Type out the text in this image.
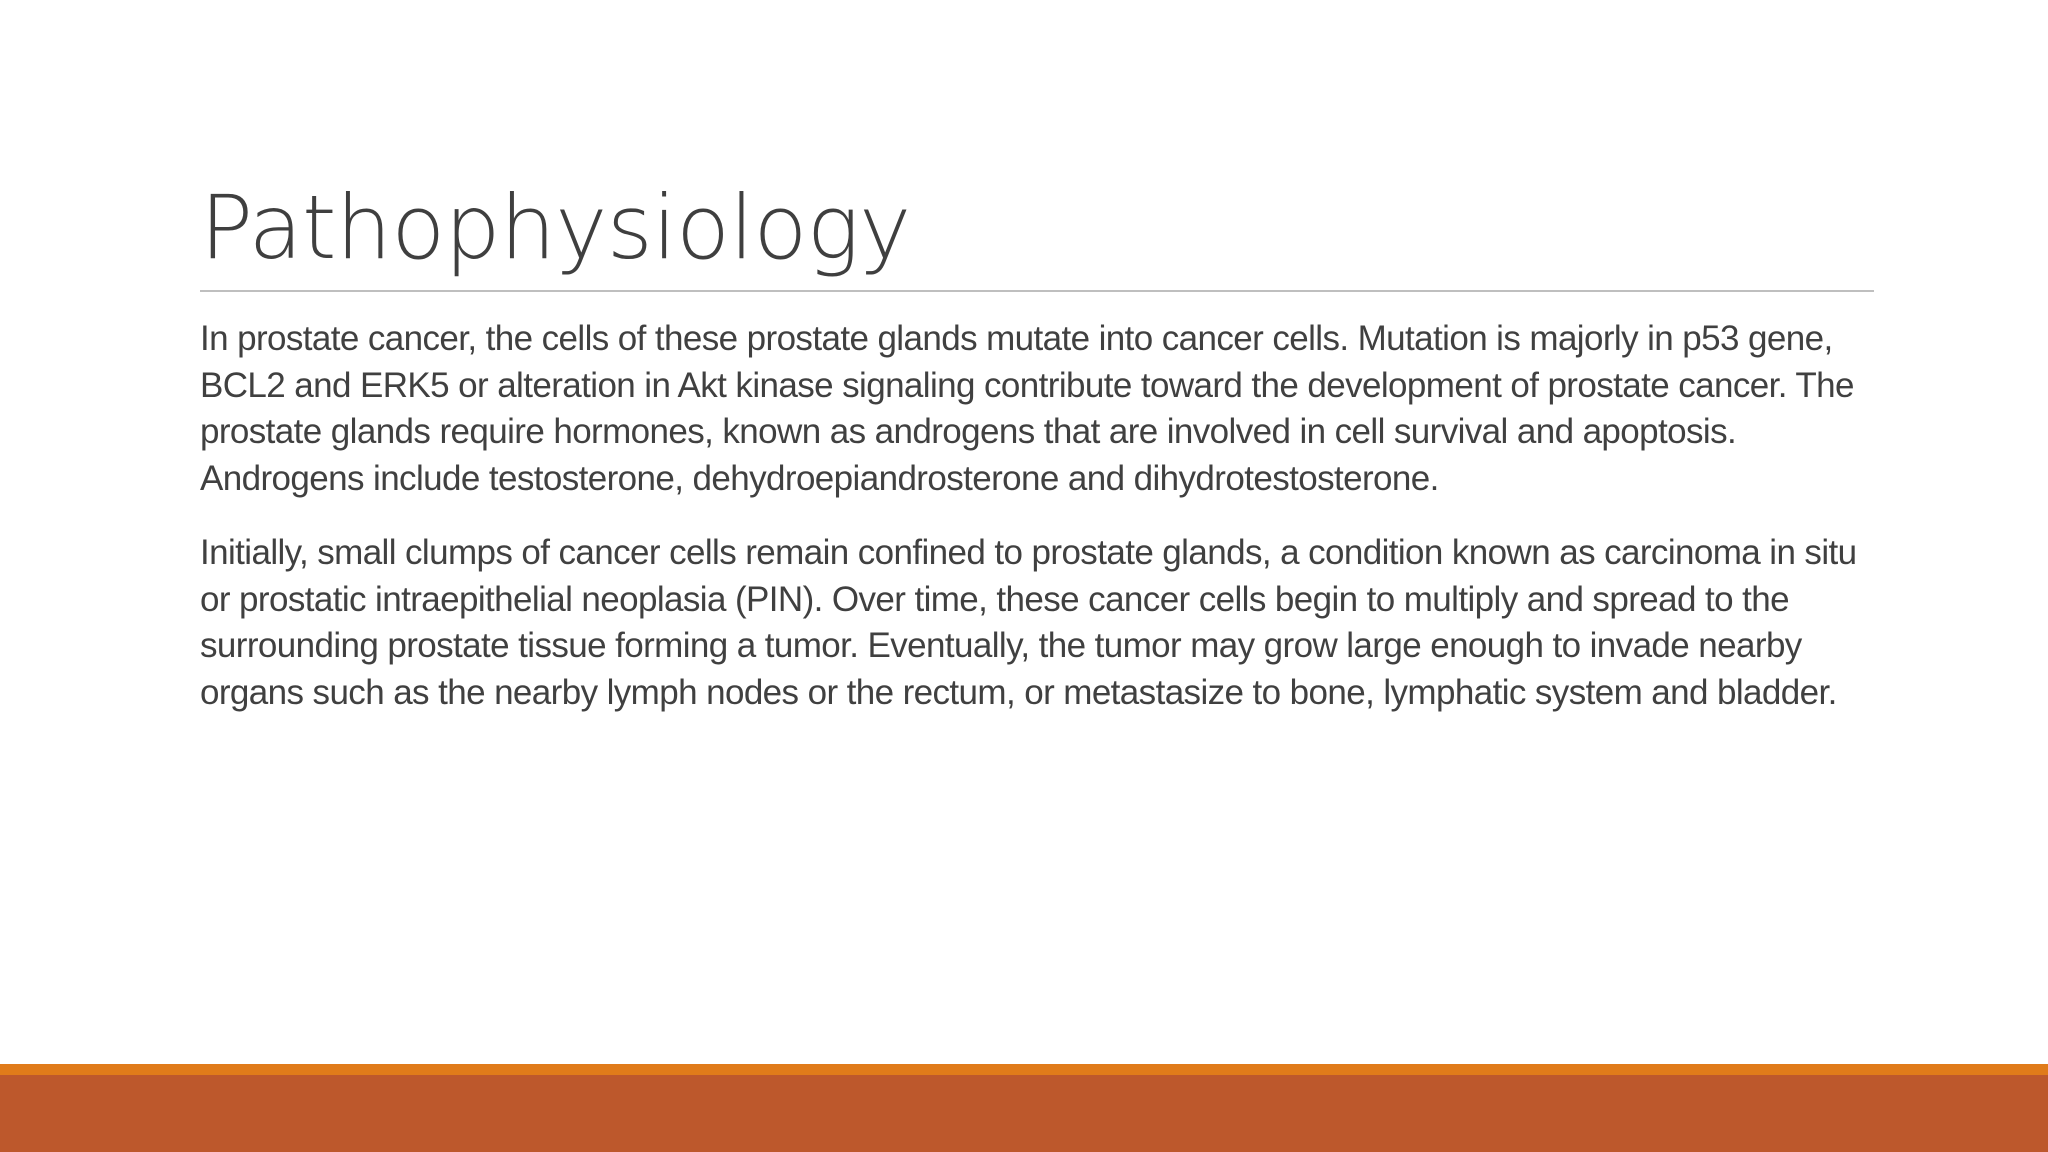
Pathophysiology

In prostate cancer, the cells of these prostate glands mutate into cancer cells. Mutation is majorly in p53 gene, BCL2 and ERK5 or alteration in Akt kinase signaling contribute toward the development of prostate cancer. The prostate glands require hormones, known as androgens that are involved in cell survival and apoptosis. Androgens include testosterone, dehydroepiandrosterone and dihydrotestosterone.

Initially, small clumps of cancer cells remain confined to prostate glands, a condition known as carcinoma in situ or prostatic intraepithelial neoplasia (PIN). Over time, these cancer cells begin to multiply and spread to the surrounding prostate tissue forming a tumor. Eventually, the tumor may grow large enough to invade nearby organs such as the nearby lymph nodes or the rectum, or metastasize to bone, lymphatic system and bladder.
